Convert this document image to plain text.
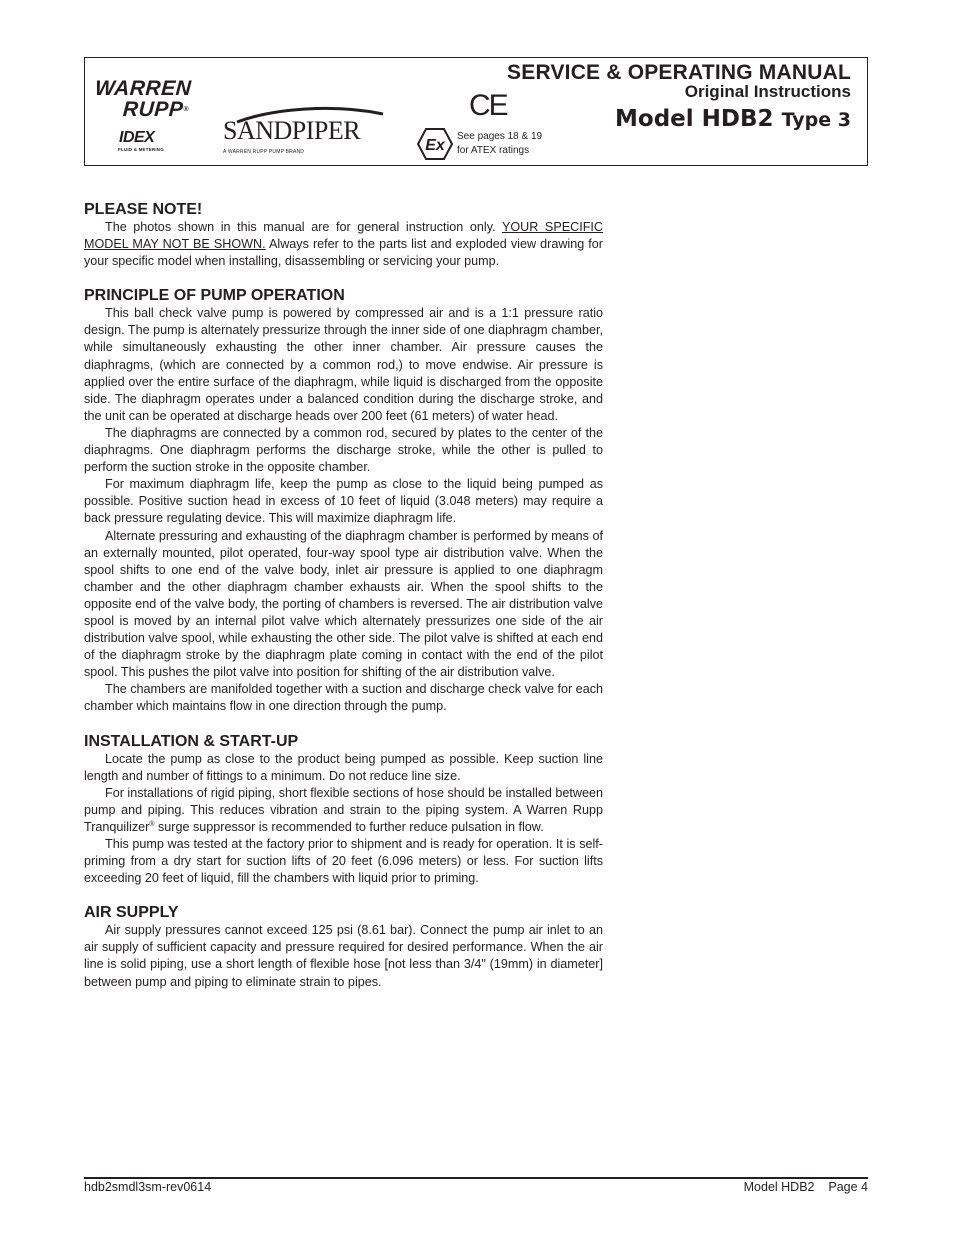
WARREN
RUPP®
IDEX
FLUID & METERING
SANDPIPER
A WARREN RUPP PUMP BRAND
CE
Ex
See pages 18 & 19
for ATEX ratings
SERVICE & OPERATING MANUAL
Original Instructions
Model HDB2 Type 3
PLEASE NOTE!

The photos shown in this manual are for general instruction only. YOUR SPECIFIC MODEL MAY NOT BE SHOWN. Always refer to the parts list and exploded view drawing for your specific model when installing, disassembling or servicing your pump.

PRINCIPLE OF PUMP OPERATION

This ball check valve pump is powered by compressed air and is a 1:1 pressure ratio design. The pump is alternately pressurize through the inner side of one diaphragm chamber, while simultaneously exhausting the other inner chamber. Air pressure causes the diaphragms, (which are connected by a common rod,) to move endwise. Air pressure is applied over the entire surface of the diaphragm, while liquid is discharged from the opposite side. The diaphragm operates under a balanced condition during the discharge stroke, and the unit can be operated at discharge heads over 200 feet (61 meters) of water head.

The diaphragms are connected by a common rod, secured by plates to the center of the diaphragms. One diaphragm performs the discharge stroke, while the other is pulled to perform the suction stroke in the opposite chamber.

For maximum diaphragm life, keep the pump as close to the liquid being pumped as possible. Positive suction head in excess of 10 feet of liquid (3.048 meters) may require a back pressure regulating device. This will maximize diaphragm life.

Alternate pressuring and exhausting of the diaphragm chamber is performed by means of an externally mounted, pilot operated, four-way spool type air distribution valve. When the spool shifts to one end of the valve body, inlet air pressure is applied to one diaphragm chamber and the other diaphragm chamber exhausts air. When the spool shifts to the opposite end of the valve body, the porting of chambers is reversed. The air distribution valve spool is moved by an internal pilot valve which alternately pressurizes one side of the air distribution valve spool, while exhausting the other side. The pilot valve is shifted at each end of the diaphragm stroke by the diaphragm plate coming in contact with the end of the pilot spool. This pushes the pilot valve into position for shifting of the air distribution valve.

The chambers are manifolded together with a suction and discharge check valve for each chamber which maintains flow in one direction through the pump.

INSTALLATION & START-UP

Locate the pump as close to the product being pumped as possible. Keep suction line length and number of fittings to a minimum. Do not reduce line size.

For installations of rigid piping, short flexible sections of hose should be installed between pump and piping. This reduces vibration and strain to the piping system. A Warren Rupp Tranquilizer® surge suppressor is recommended to further reduce pulsation in flow.

This pump was tested at the factory prior to shipment and is ready for operation. It is self-priming from a dry start for suction lifts of 20 feet (6.096 meters) or less. For suction lifts exceeding 20 feet of liquid, fill the chambers with liquid prior to priming.

AIR SUPPLY

Air supply pressures cannot exceed 125 psi (8.61 bar). Connect the pump air inlet to an air supply of sufficient capacity and pressure required for desired performance. When the air line is solid piping, use a short length of flexible hose [not less than 3/4" (19mm) in diameter] between pump and piping to eliminate strain to pipes.

hdb2smdl3sm-rev0614	Model HDB2    Page 4
